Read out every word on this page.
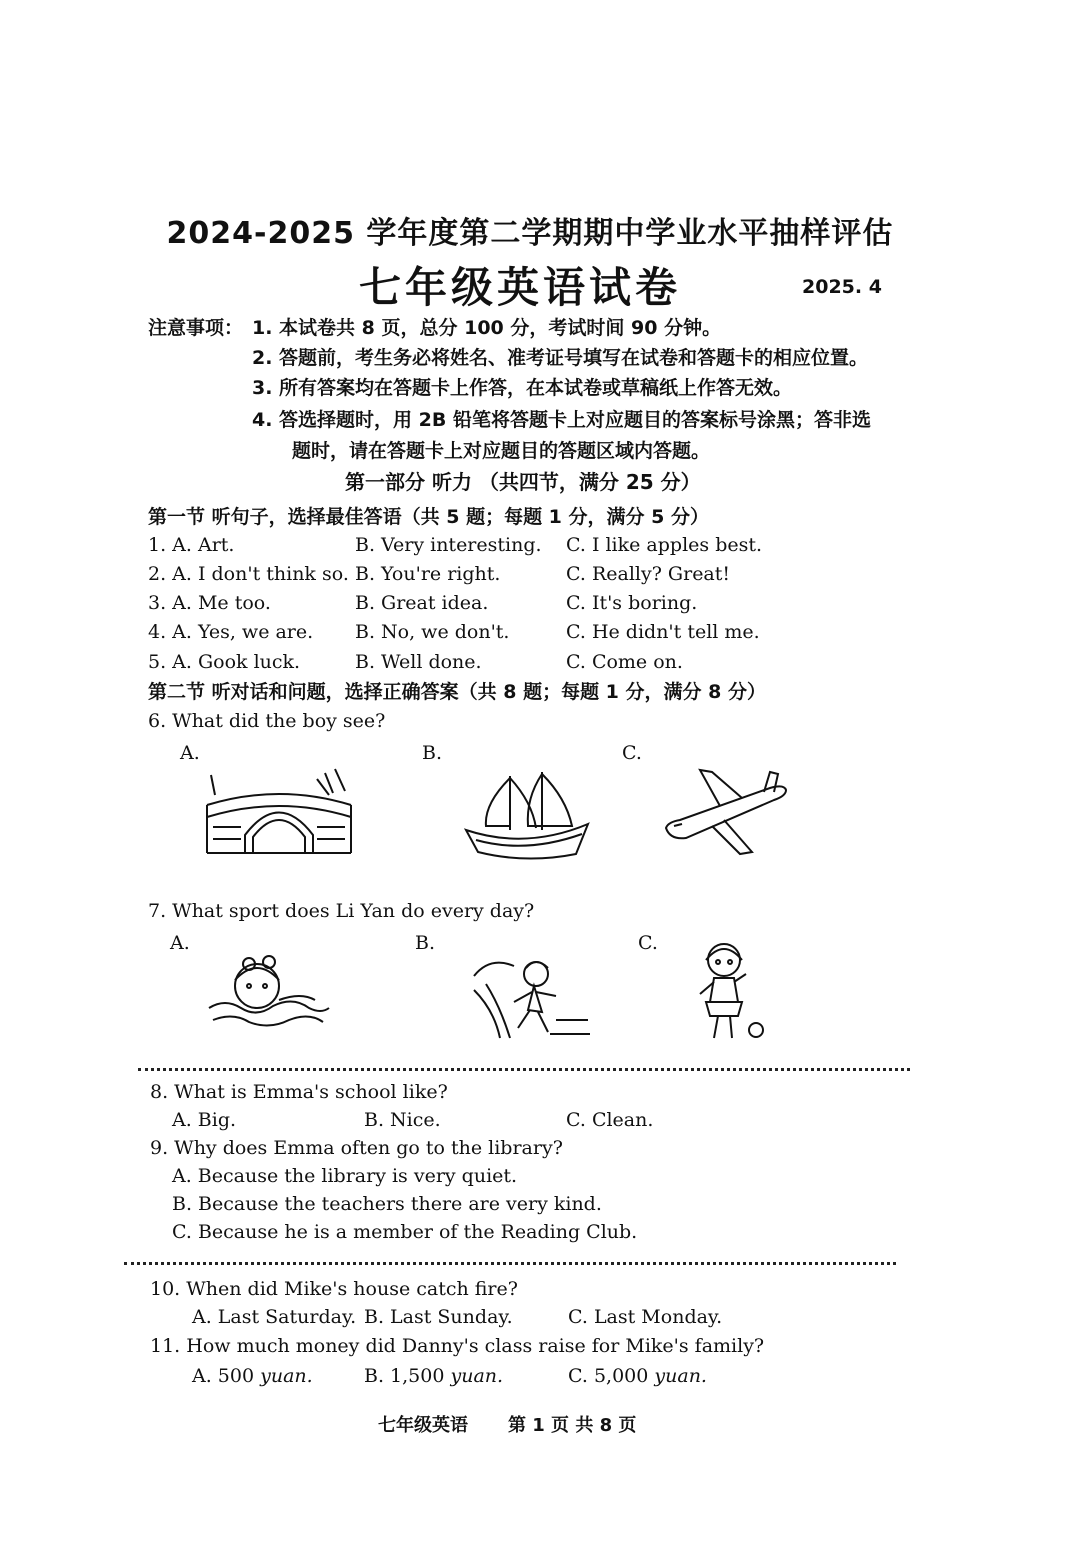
2024-2025 学年度第二学期期中学业水平抽样评估
七年级英语试卷	2025. 4
注意事项： 1. 本试卷共 8 页，总分 100 分，考试时间 90 分钟。
2. 答题前，考生务必将姓名、准考证号填写在试卷和答题卡的相应位置。
3. 所有答案均在答题卡上作答，在本试卷或草稿纸上作答无效。
4. 答选择题时，用 2B 铅笔将答题卡上对应题目的答案标号涂黑；答非选
题时，请在答题卡上对应题目的答题区域内答题。
第一部分 听力 （共四节，满分 25 分）
第一节 听句子，选择最佳答语（共 5 题；每题 1 分，满分 5 分）
1. A. Art.	B. Very interesting. C. I like apples best.
2. A. I don't think so. B. You're right.	C. Really? Great!
3. A. Me too.	B. Great idea.	C. It's boring.
4. A. Yes, we are. B. No, we don't.	C. He didn't tell me.
5. A. Gook luck.	B. Well done.	C. Come on.
第二节 听对话和问题，选择正确答案（共 8 题；每题 1 分，满分 8 分）
6. What did the boy see?
A.	B.	C.
7. What sport does Li Yan do every day?
A.	B.	C.
8. What is Emma's school like?
A. Big.	B. Nice.	C. Clean.
9. Why does Emma often go to the library?
A. Because the library is very quiet.
B. Because the teachers there are very kind.
C. Because he is a member of the Reading Club.
10. When did Mike's house catch fire?
A. Last Saturday. B. Last Sunday.	C. Last Monday.
11. How much money did Danny's class raise for Mike's family?
A. 500 yuan.	B. 1,500 yuan.	C. 5,000 yuan.
七年级英语 第 1 页 共 8 页
